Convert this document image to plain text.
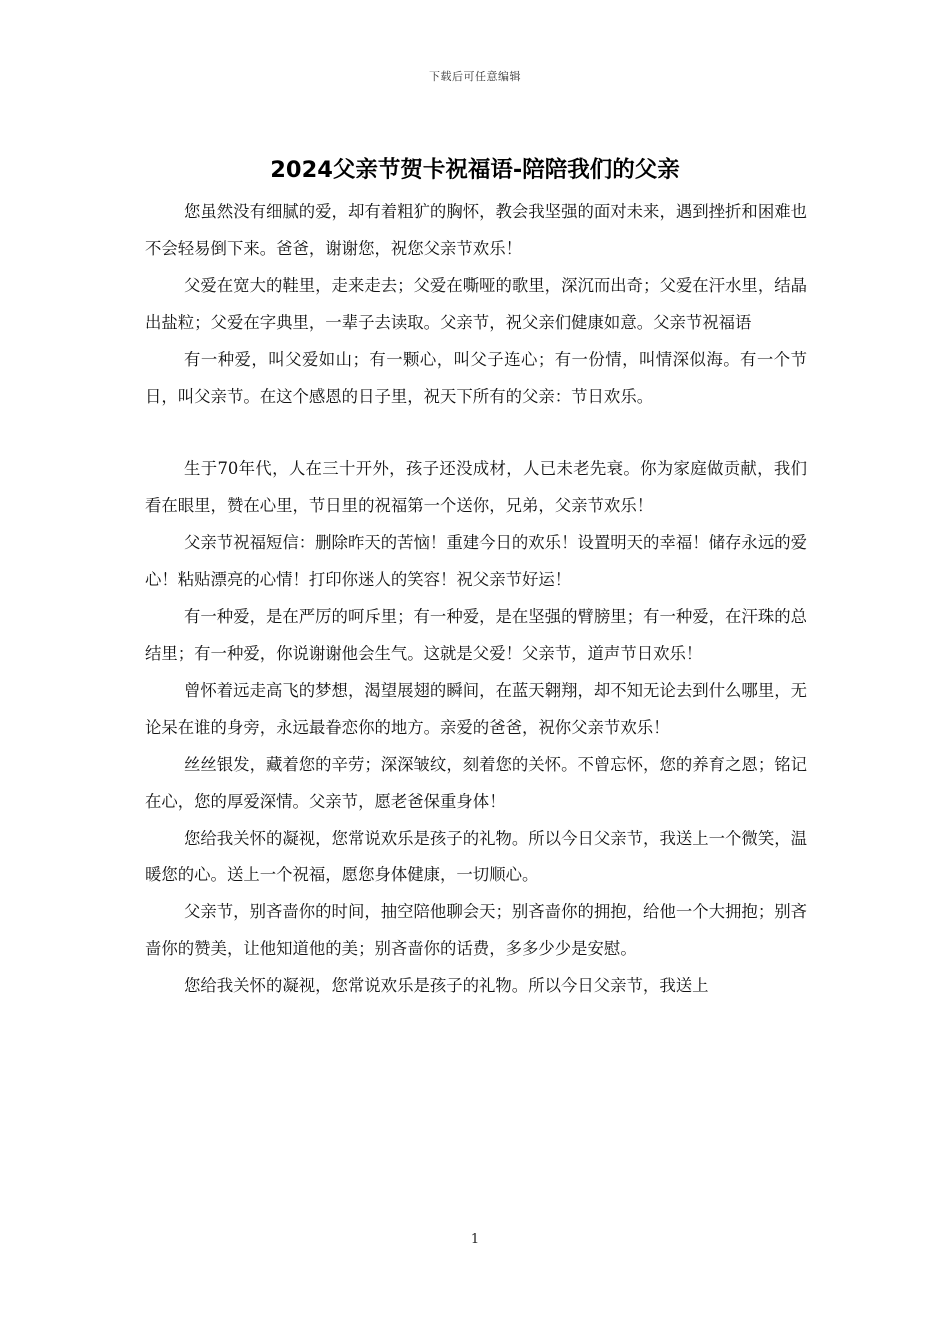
下载后可任意编辑
2024父亲节贺卡祝福语-陪陪我们的父亲

您虽然没有细腻的爱，却有着粗犷的胸怀，教会我坚强的面对未来，遇到挫折和困难也不会轻易倒下来。爸爸，谢谢您，祝您父亲节欢乐！

父爱在宽大的鞋里，走来走去；父爱在嘶哑的歌里，深沉而出奇；父爱在汗水里，结晶出盐粒；父爱在字典里，一辈子去读取。父亲节，祝父亲们健康如意。父亲节祝福语

有一种爱，叫父爱如山；有一颗心，叫父子连心；有一份情，叫情深似海。有一个节日，叫父亲节。在这个感恩的日子里，祝天下所有的父亲：节日欢乐。

生于70年代，人在三十开外，孩子还没成材，人已未老先衰。你为家庭做贡献，我们看在眼里，赞在心里，节日里的祝福第一个送你，兄弟，父亲节欢乐！

父亲节祝福短信：删除昨天的苦恼！重建今日的欢乐！设置明天的幸福！储存永远的爱心！粘贴漂亮的心情！打印你迷人的笑容！祝父亲节好运！

有一种爱，是在严厉的呵斥里；有一种爱，是在坚强的臂膀里；有一种爱，在汗珠的总结里；有一种爱，你说谢谢他会生气。这就是父爱！父亲节，道声节日欢乐！

曾怀着远走高飞的梦想，渴望展翅的瞬间，在蓝天翱翔，却不知无论去到什么哪里，无论呆在谁的身旁，永远最眷恋你的地方。亲爱的爸爸，祝你父亲节欢乐！

丝丝银发，藏着您的辛劳；深深皱纹，刻着您的关怀。不曾忘怀，您的养育之恩；铭记在心，您的厚爱深情。父亲节，愿老爸保重身体！

您给我关怀的凝视，您常说欢乐是孩子的礼物。所以今日父亲节，我送上一个微笑，温暖您的心。送上一个祝福，愿您身体健康，一切顺心。

父亲节，别吝啬你的时间，抽空陪他聊会天；别吝啬你的拥抱，给他一个大拥抱；别吝啬你的赞美，让他知道他的美；别吝啬你的话费，多多少少是安慰。

您给我关怀的凝视，您常说欢乐是孩子的礼物。所以今日父亲节，我送上

1
